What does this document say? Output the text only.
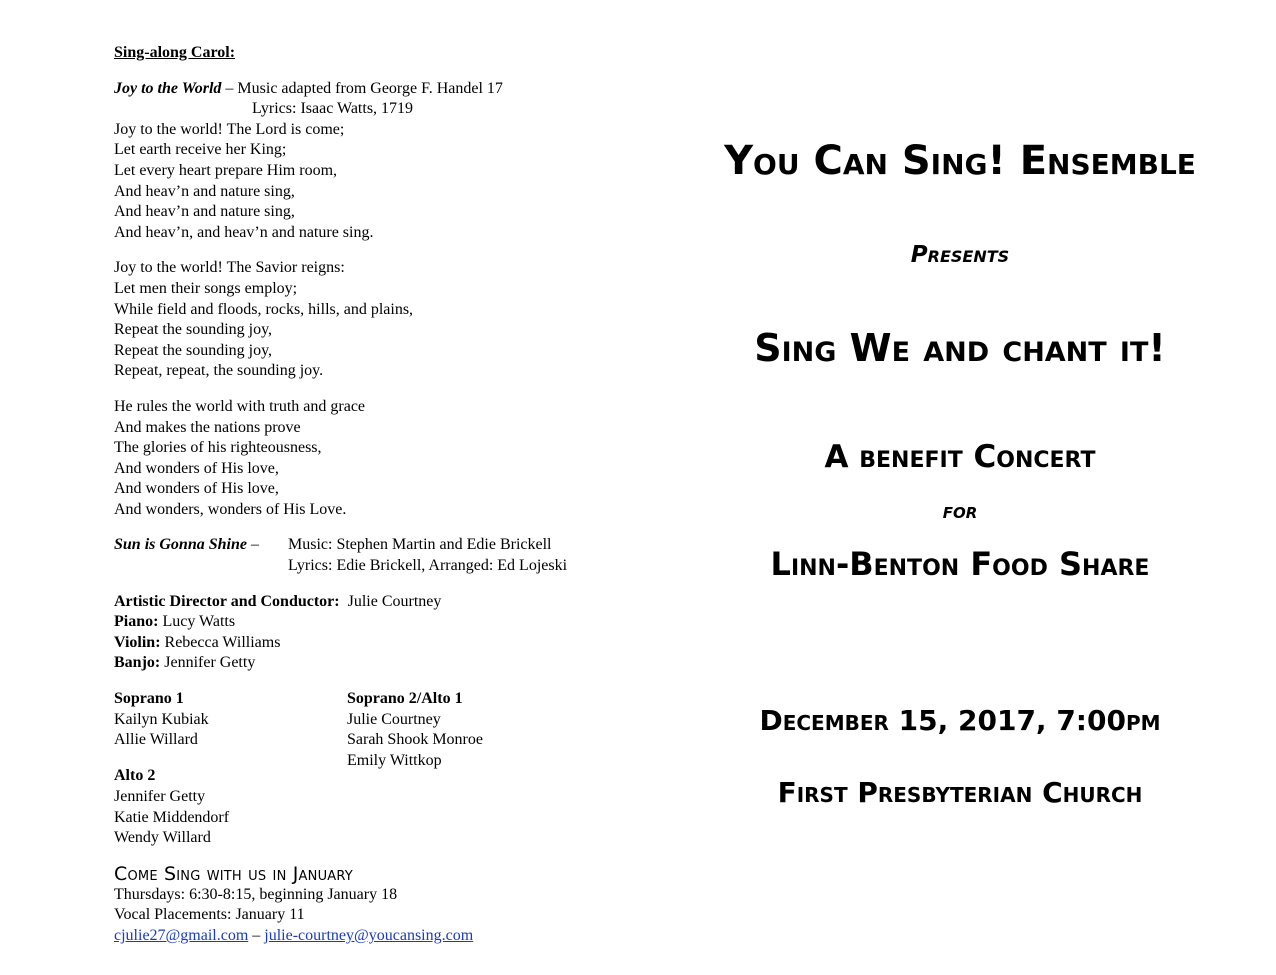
Sing-along Carol:
Joy to the World – Music adapted from George F. Handel 17
Lyrics: Isaac Watts, 1719
Joy to the world! The Lord is come;
Let earth receive her King;
Let every heart prepare Him room,
And heav’n and nature sing,
And heav’n and nature sing,
And heav’n, and heav’n and nature sing.
Joy to the world! The Savior reigns:
Let men their songs employ;
While field and floods, rocks, hills, and plains,
Repeat the sounding joy,
Repeat the sounding joy,
Repeat, repeat, the sounding joy.
He rules the world with truth and grace
And makes the nations prove
The glories of his righteousness,
And wonders of His love,
And wonders of His love,
And wonders, wonders of His Love.
Sun is Gonna Shine –	Music: Stephen Martin and Edie Brickell
Lyrics: Edie Brickell, Arranged: Ed Lojeski
Artistic Director and Conductor: Julie Courtney
Piano: Lucy Watts
Violin: Rebecca Williams
Banjo: Jennifer Getty
Soprano 1
Kailyn Kubiak
Allie Willard
Soprano 2/Alto 1
Julie Courtney
Sarah Shook Monroe
Emily Wittkop
Alto 2
Jennifer Getty
Katie Middendorf
Wendy Willard
Come Sing with us in January
Thursdays: 6:30-8:15, beginning January 18
Vocal Placements: January 11
cjulie27@gmail.com – julie-courtney@youcansing.com
You Can Sing! Ensemble
Presents
Sing We and chant it!
A benefit Concert
for
Linn-Benton Food Share
December 15, 2017, 7:00pm
First Presbyterian Church
